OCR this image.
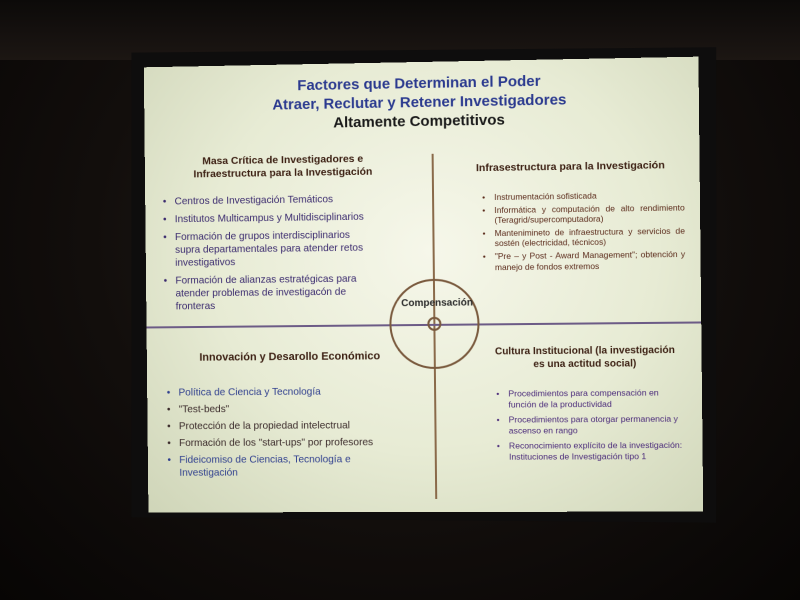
Factores que Determinan el Poder
Atraer, Reclutar y Retener Investigadores
Altamente Competitivos
Compensación
Masa Crítica de Investigadores e Infraestructura para la Investigación
• Centros de Investigación Temáticos
• Institutos Multicampus y Multidisciplinarios
• Formación de grupos interdisciplinarios supra departamentales para atender retos investigativos
• Formación de alianzas estratégicas para atender problemas de investigacón de fronteras
Infrasestructura para la Investigación
• Instrumentación sofisticada
• Informática y computación de alto rendimiento (Teragrid/supercomputadora)
• Mantenimineto de infraestructura y servicios de sostén (electricidad, técnicos)
• "Pre – y Post - Award Management"; obtención y manejo de fondos extremos
Innovación y Desarollo Económico
• Política de Ciencia y Tecnología
• "Test-beds"
• Protección de la propiedad intelectrual
• Formación de los "start-ups" por profesores
• Fideicomiso de Ciencias, Tecnología e Investigación
Cultura Institucional (la investigación es una actitud social)
• Procedimientos para compensación en función de la productividad
• Procedimientos para otorgar permanencia y ascenso en rango
• Reconocimiento explícito de la investigación: Instituciones de Investigación tipo 1
